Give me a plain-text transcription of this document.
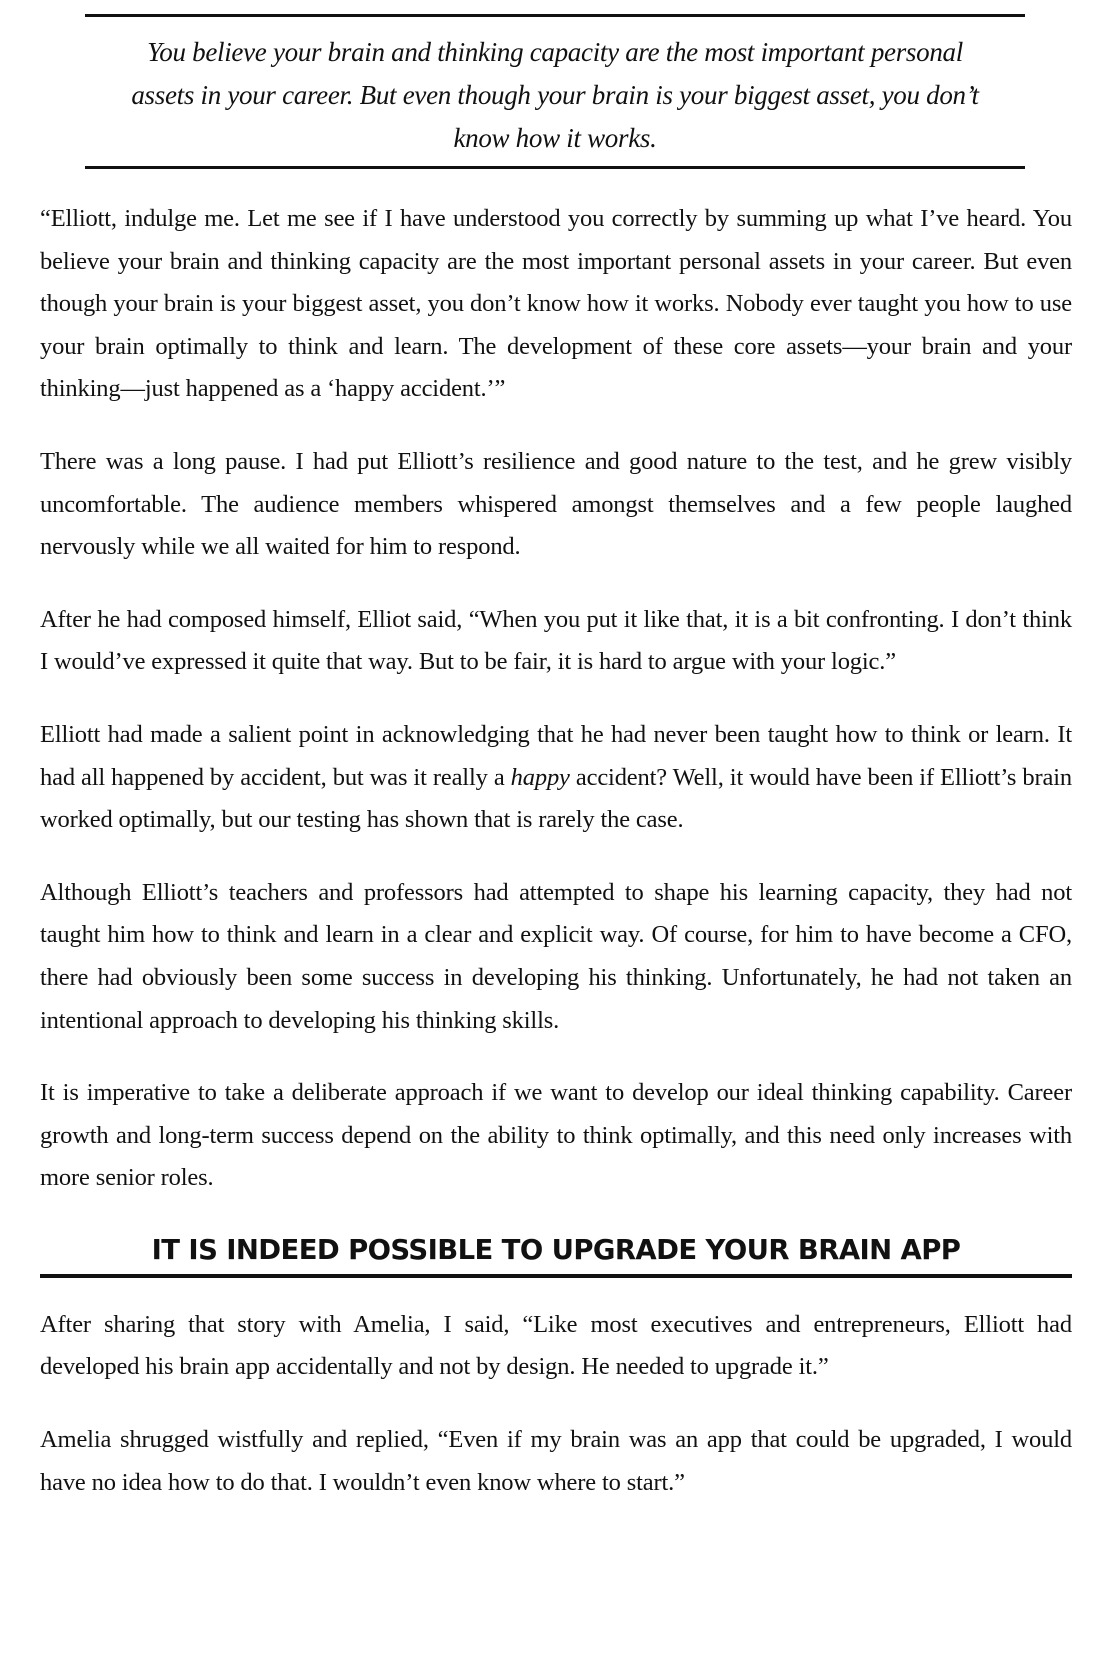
You believe your brain and thinking capacity are the most important personal assets in your career. But even though your brain is your biggest asset, you don’t know how it works.

“Elliott, indulge me. Let me see if I have understood you correctly by summing up what I’ve heard. You believe your brain and thinking capacity are the most important personal assets in your career. But even though your brain is your biggest asset, you don’t know how it works. Nobody ever taught you how to use your brain optimally to think and learn. The development of these core assets—your brain and your thinking—just happened as a ‘happy accident.’”

There was a long pause. I had put Elliott’s resilience and good nature to the test, and he grew visibly uncomfortable. The audience members whispered amongst themselves and a few people laughed nervously while we all waited for him to respond.

After he had composed himself, Elliot said, “When you put it like that, it is a bit confronting. I don’t think I would’ve expressed it quite that way. But to be fair, it is hard to argue with your logic.”

Elliott had made a salient point in acknowledging that he had never been taught how to think or learn. It had all happened by accident, but was it really a happy accident? Well, it would have been if Elliott’s brain worked optimally, but our testing has shown that is rarely the case.

Although Elliott’s teachers and professors had attempted to shape his learning capacity, they had not taught him how to think and learn in a clear and explicit way. Of course, for him to have become a CFO, there had obviously been some success in developing his thinking. Unfortunately, he had not taken an intentional approach to developing his thinking skills.

It is imperative to take a deliberate approach if we want to develop our ideal thinking capability. Career growth and long-term success depend on the ability to think optimally, and this need only increases with more senior roles.

IT IS INDEED POSSIBLE TO UPGRADE YOUR BRAIN APP

After sharing that story with Amelia, I said, “Like most executives and entrepreneurs, Elliott had developed his brain app accidentally and not by design. He needed to upgrade it.”

Amelia shrugged wistfully and replied, “Even if my brain was an app that could be upgraded, I would have no idea how to do that. I wouldn’t even know where to start.”
